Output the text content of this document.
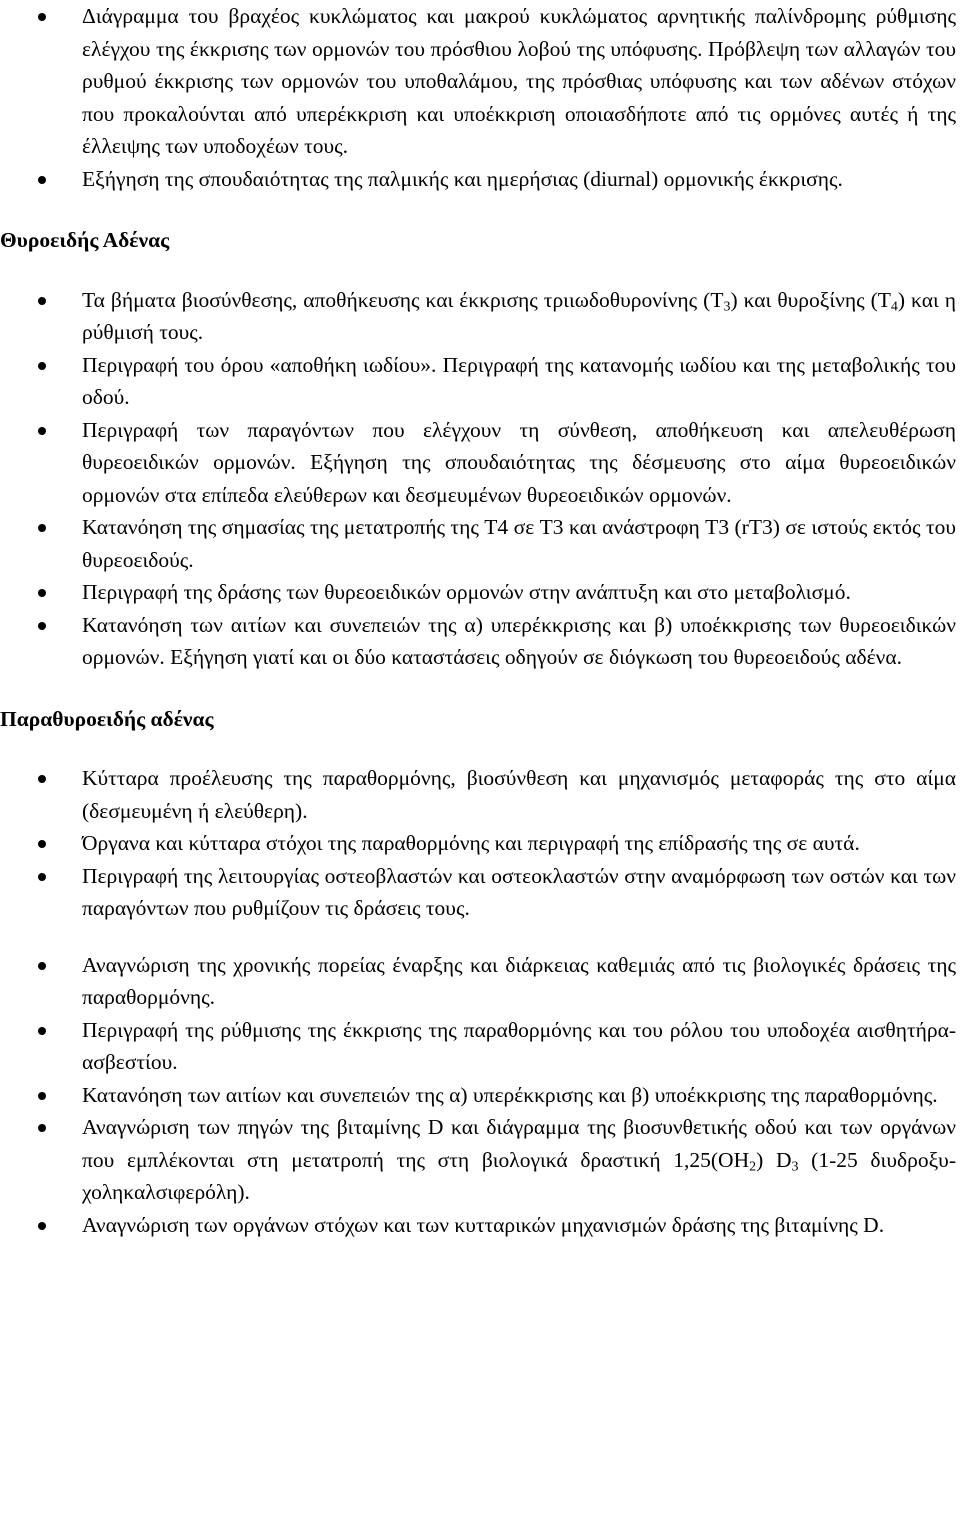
Διάγραμμα του βραχέος κυκλώματος και μακρού κυκλώματος αρνητικής παλίνδρομης ρύθμισης ελέγχου της έκκρισης των ορμονών του πρόσθιου λοβού της υπόφυσης. Πρόβλεψη των αλλαγών του ρυθμού έκκρισης των ορμονών του υποθαλάμου, της πρόσθιας υπόφυσης και των αδένων στόχων που προκαλούνται από υπερέκκριση και υποέκκριση οποιασδήποτε από τις ορμόνες αυτές ή της έλλειψης των υποδοχέων τους.
Εξήγηση της σπουδαιότητας της παλμικής και ημερήσιας (diurnal) ορμονικής έκκρισης.

Θυροειδής Αδένας

Τα βήματα βιοσύνθεσης, αποθήκευσης και έκκρισης τριιωδοθυρονίνης $(T_3)$ και θυροξίνης $(T_4)$ και η ρύθμισή τους.
Περιγραφή του όρου «αποθήκη ιωδίου». Περιγραφή της κατανομής ιωδίου και της μεταβολικής του οδού.
Περιγραφή των παραγόντων που ελέγχουν τη σύνθεση, αποθήκευση και απελευθέρωση θυρεοειδικών ορμονών. Εξήγηση της σπουδαιότητας της δέσμευσης στο αίμα θυρεοειδικών ορμονών στα επίπεδα ελεύθερων και δεσμευμένων θυρεοειδικών ορμονών.
Κατανόηση της σημασίας της μετατροπής της T4 σε T3 και ανάστροφη T3 (rT3) σε ιστούς εκτός του θυρεοειδούς.
Περιγραφή της δράσης των θυρεοειδικών ορμονών στην ανάπτυξη και στο μεταβολισμό.
Κατανόηση των αιτίων και συνεπειών της α) υπερέκκρισης και β) υποέκκρισης των θυρεοειδικών ορμονών. Εξήγηση γιατί και οι δύο καταστάσεις οδηγούν σε διόγκωση του θυρεοειδούς αδένα.

Παραθυροειδής αδένας

Κύτταρα προέλευσης της παραθορμόνης, βιοσύνθεση και μηχανισμός μεταφοράς της στο αίμα (δεσμευμένη ή ελεύθερη).
Όργανα και κύτταρα στόχοι της παραθορμόνης και περιγραφή της επίδρασής της σε αυτά.
Περιγραφή της λειτουργίας οστεοβλαστών και οστεοκλαστών στην αναμόρφωση των οστών και των παραγόντων που ρυθμίζουν τις δράσεις τους.
Αναγνώριση της χρονικής πορείας έναρξης και διάρκειας καθεμιάς από τις βιολογικές δράσεις της παραθορμόνης.
Περιγραφή της ρύθμισης της έκκρισης της παραθορμόνης και του ρόλου του υποδοχέα αισθητήρα-ασβεστίου.
Κατανόηση των αιτίων και συνεπειών της α) υπερέκκρισης και β) υποέκκρισης της παραθορμόνης.
Αναγνώριση των πηγών της βιταμίνης D και διάγραμμα της βιοσυνθετικής οδού και των οργάνων που εμπλέκονται στη μετατροπή της στη βιολογικά δραστική $1,25(OH_2)$ $D_3$ (1-25 διυδροξυ-χοληκαλσιφερόλη).
Αναγνώριση των οργάνων στόχων και των κυτταρικών μηχανισμών δράσης της βιταμίνης D.
